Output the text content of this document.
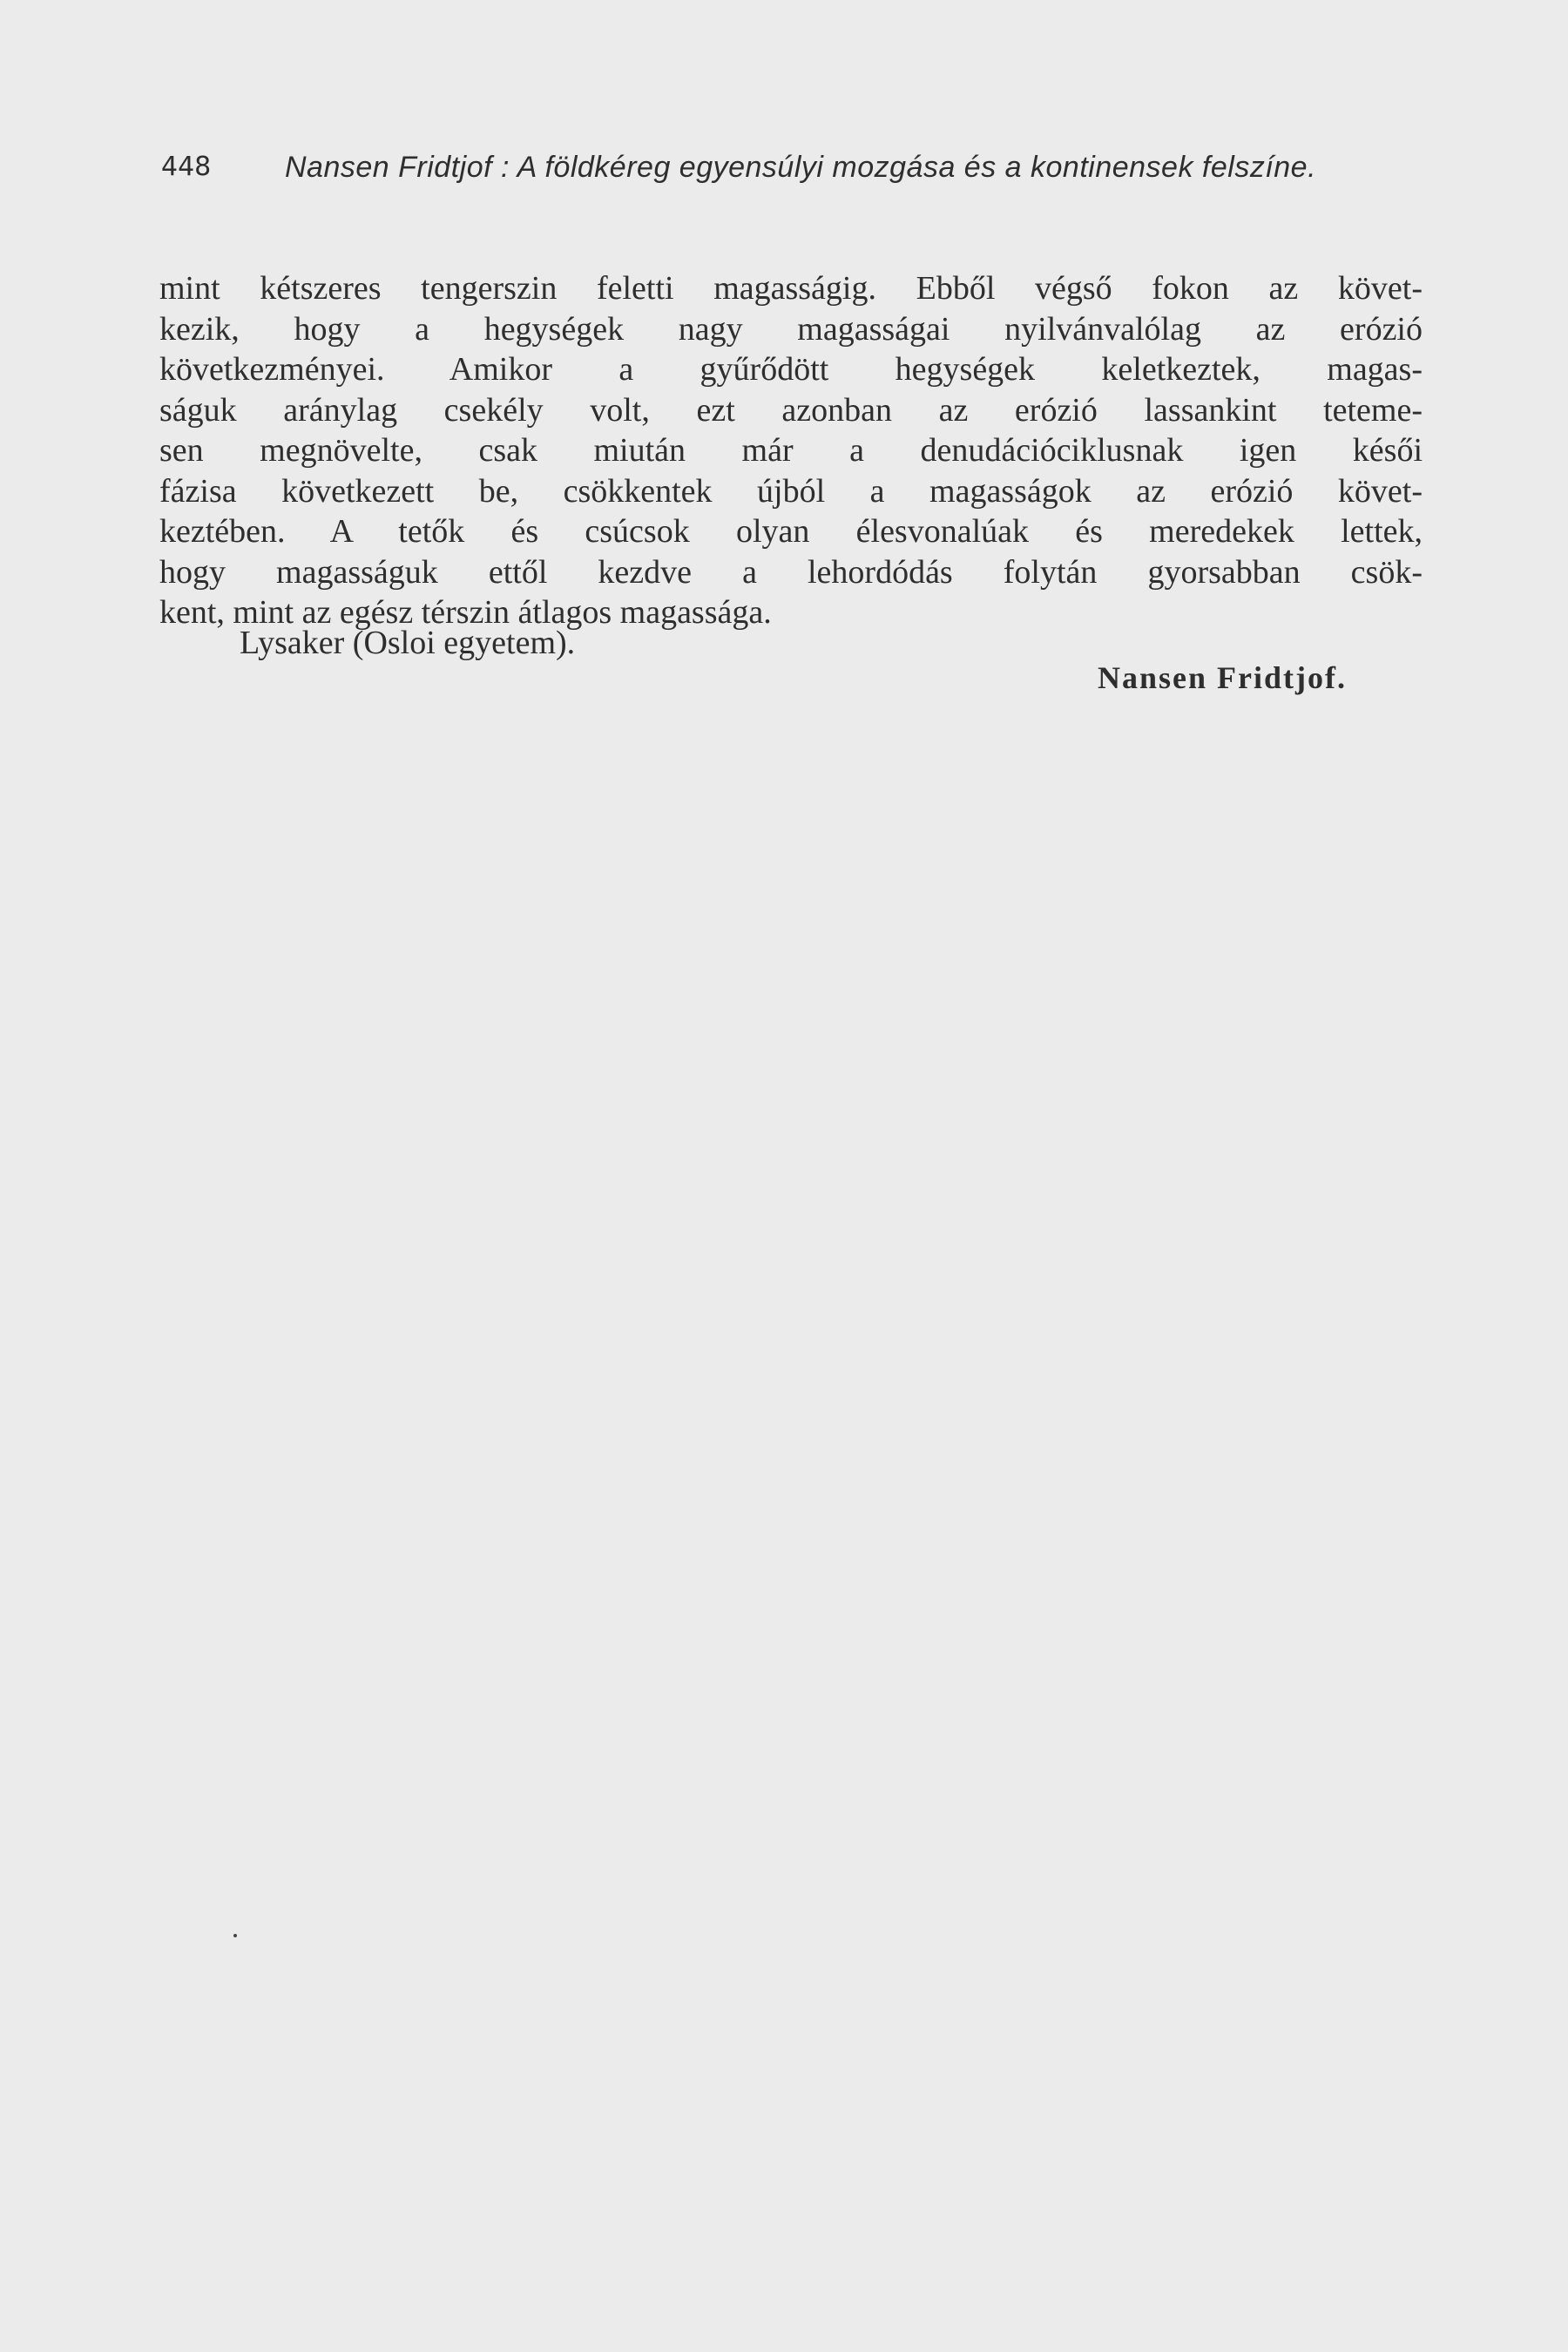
448 Nansen Fridtjof : A földkéreg egyensúlyi mozgása és a kontinensek felszíne.
mint kétszeres tengerszin feletti magasságig. Ebből végső fokon az követ-
kezik, hogy a hegységek nagy magasságai nyilvánvalólag az erózió
következményei. Amikor a gyűrődött hegységek keletkeztek, magas-
ságuk aránylag csekély volt, ezt azonban az erózió lassankint teteme-
sen megnövelte, csak miután már a denudációciklusnak igen késői
fázisa következett be, csökkentek újból a magasságok az erózió követ-
keztében. A tetők és csúcsok olyan élesvonalúak és meredekek lettek,
hogy magasságuk ettől kezdve a lehordódás folytán gyorsabban csök-
kent, mint az egész térszin átlagos magassága.
Lysaker (Osloi egyetem).
Nansen Fridtjof.
